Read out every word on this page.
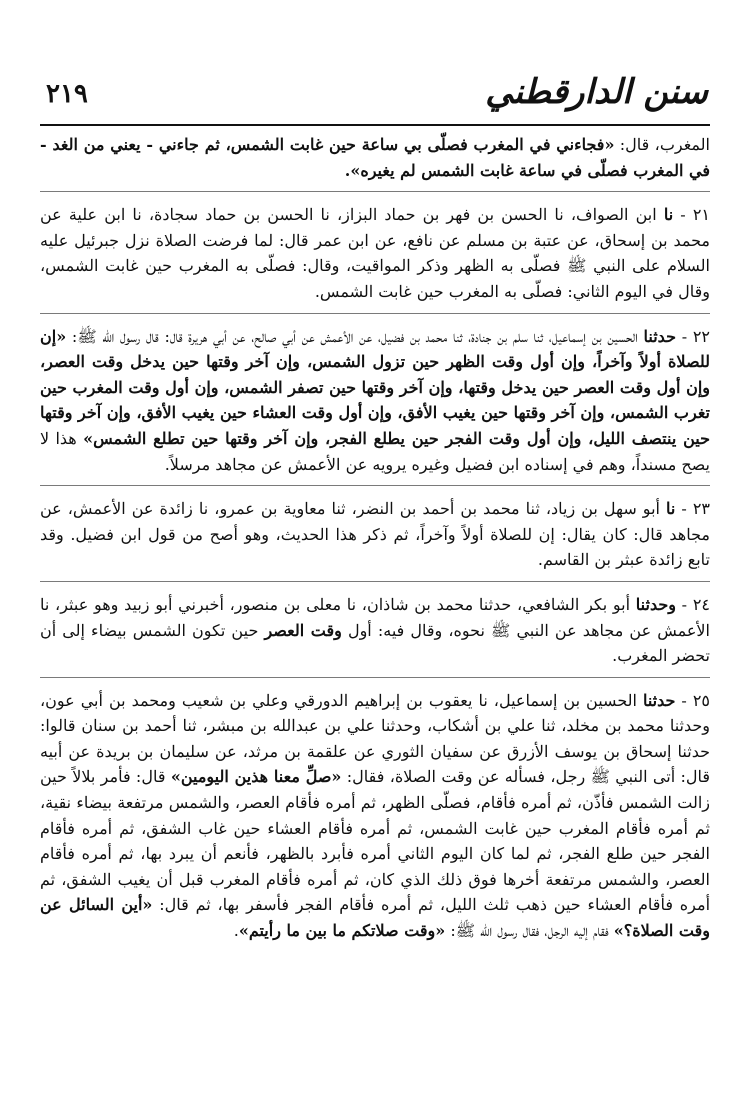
سنن الدارقطني
٢١٩

المغرب، قال: «فجاءني في المغرب فصلّى بي ساعة حين غابت الشمس، ثم جاءني - يعني من الغد - في المغرب فصلّى في ساعة غابت الشمس لم يغيره».

٢١ - نا ابن الصواف، نا الحسن بن فهر بن حماد البزاز، نا الحسن بن حماد سجادة، نا ابن علية عن محمد بن إسحاق، عن عتبة بن مسلم عن نافع، عن ابن عمر قال: لما فرضت الصلاة نزل جبرئيل عليه السلام على النبي ﷺ فصلّى به الظهر وذكر المواقيت، وقال: فصلّى به المغرب حين غابت الشمس، وقال في اليوم الثاني: فصلّى به المغرب حين غابت الشمس.

٢٢ - حدثنا الحسين بن إسماعيل، ثنا سلم بن جنادة، ثنا محمد بن فضيل، عن الأعمش عن أبي صالح، عن أبي هريرة قال: قال رسول الله ﷺ: «إن للصلاة أولاً وآخراً، وإن أول وقت الظهر حين تزول الشمس، وإن آخر وقتها حين يدخل وقت العصر، وإن أول وقت العصر حين يدخل وقتها، وإن آخر وقتها حين تصفر الشمس، وإن أول وقت المغرب حين تغرب الشمس، وإن آخر وقتها حين يغيب الأفق، وإن أول وقت العشاء حين يغيب الأفق، وإن آخر وقتها حين ينتصف الليل، وإن أول وقت الفجر حين يطلع الفجر، وإن آخر وقتها حين تطلع الشمس» هذا لا يصح مسنداً، وهم في إسناده ابن فضيل وغيره يرويه عن الأعمش عن مجاهد مرسلاً.

٢٣ - نا أبو سهل بن زياد، ثنا محمد بن أحمد بن النضر، ثنا معاوية بن عمرو، نا زائدة عن الأعمش، عن مجاهد قال: كان يقال: إن للصلاة أولاً وآخراً، ثم ذكر هذا الحديث، وهو أصح من قول ابن فضيل. وقد تابع زائدة عبثر بن القاسم.

٢٤ - وحدثنا أبو بكر الشافعي، حدثنا محمد بن شاذان، نا معلى بن منصور، أخبرني أبو زبيد وهو عبثر، نا الأعمش عن مجاهد عن النبي ﷺ نحوه، وقال فيه: أول وقت العصر حين تكون الشمس بيضاء إلى أن تحضر المغرب.

٢٥ - حدثنا الحسين بن إسماعيل، نا يعقوب بن إبراهيم الدورقي وعلي بن شعيب ومحمد بن أبي عون، وحدثنا محمد بن مخلد، ثنا علي بن أشكاب، وحدثنا علي بن عبدالله بن مبشر، ثنا أحمد بن سنان قالوا: حدثنا إسحاق بن يوسف الأزرق عن سفيان الثوري عن علقمة بن مرثد، عن سليمان بن بريدة عن أبيه قال: أتى النبي ﷺ رجل، فسأله عن وقت الصلاة، فقال: «صلِّ معنا هذين اليومين» قال: فأمر بلالاً حين زالت الشمس فأذّن، ثم أمره فأقام، فصلّى الظهر، ثم أمره فأقام العصر، والشمس مرتفعة بيضاء نقية، ثم أمره فأقام المغرب حين غابت الشمس، ثم أمره فأقام العشاء حين غاب الشفق، ثم أمره فأقام الفجر حين طلع الفجر، ثم لما كان اليوم الثاني أمره فأبرد بالظهر، فأنعم أن يبرد بها، ثم أمره فأقام العصر، والشمس مرتفعة أخرها فوق ذلك الذي كان، ثم أمره فأقام المغرب قبل أن يغيب الشفق، ثم أمره فأقام العشاء حين ذهب ثلث الليل، ثم أمره فأقام الفجر فأسفر بها، ثم قال: «أين السائل عن وقت الصلاة؟» فقام إليه الرجل، فقال رسول الله ﷺ: «وقت صلاتكم ما بين ما رأيتم».
